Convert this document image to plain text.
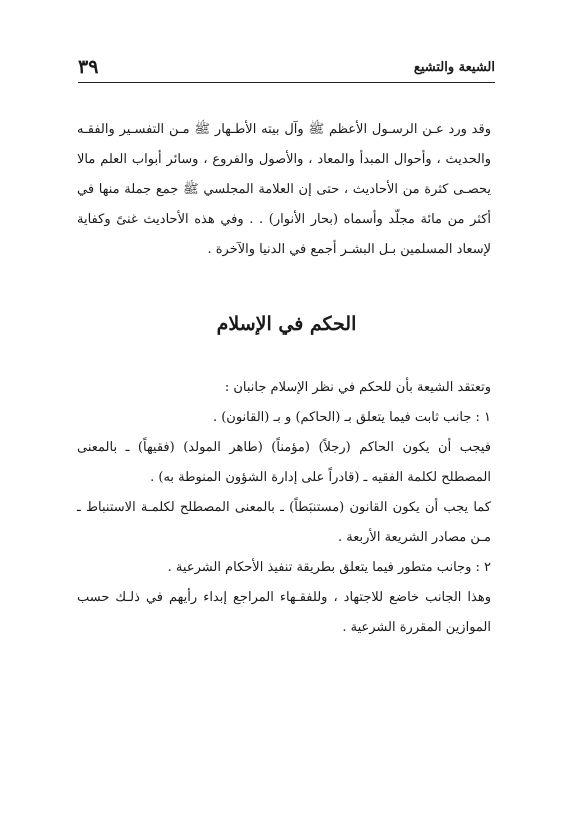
الشيعة والتشيع
٣٩

وقد ورد عـن الرسـول الأعظم ﷺ وآل بيته الأطـهار ﷺ مـن التفسـير والفقـه والحديث ، وأحوال المبدأ والمعاد ، والأصول والفروع ، وسائر أبواب العلم مالا يحصـى كثرة من الأحاديث ، حتى إن العلامة المجلسي ﷺ جمع جملة منها في أكثر من مائة مجلّد وأسماه (بحار الأنوار) . . وفي هذه الأحاديث غنىً وكفاية لإسعاد المسلمين بـل البشـر أجمع في الدنيا والآخرة .

الحكم في الإسلام

وتعتقد الشيعة بأن للحكم في نظر الإسلام جانبان :

١ : جانب ثابت فيما يتعلق بـ (الحاكم) و بـ (القانون) .

فيجب أن يكون الحاكم (رجلاً) (مؤمناً) (طاهر المولد) (فقيهاً) ـ بالمعنى المصطلح لكلمة الفقيه ـ (قادراً على إدارة الشؤون المنوطة به) .

كما يجب أن يكون القانون (مستنبَطاً) ـ بالمعنى المصطلح لكلمـة الاستنباط ـ مـن مصادر الشريعة الأربعة .

٢ : وجانب متطور فيما يتعلق بطريقة تنفيذ الأحكام الشرعية .

وهذا الجانب خاضع للاجتهاد ، وللفقـهاء المراجع إبداء رأيهم في ذلـك حسب الموازين المقررة الشرعية .
